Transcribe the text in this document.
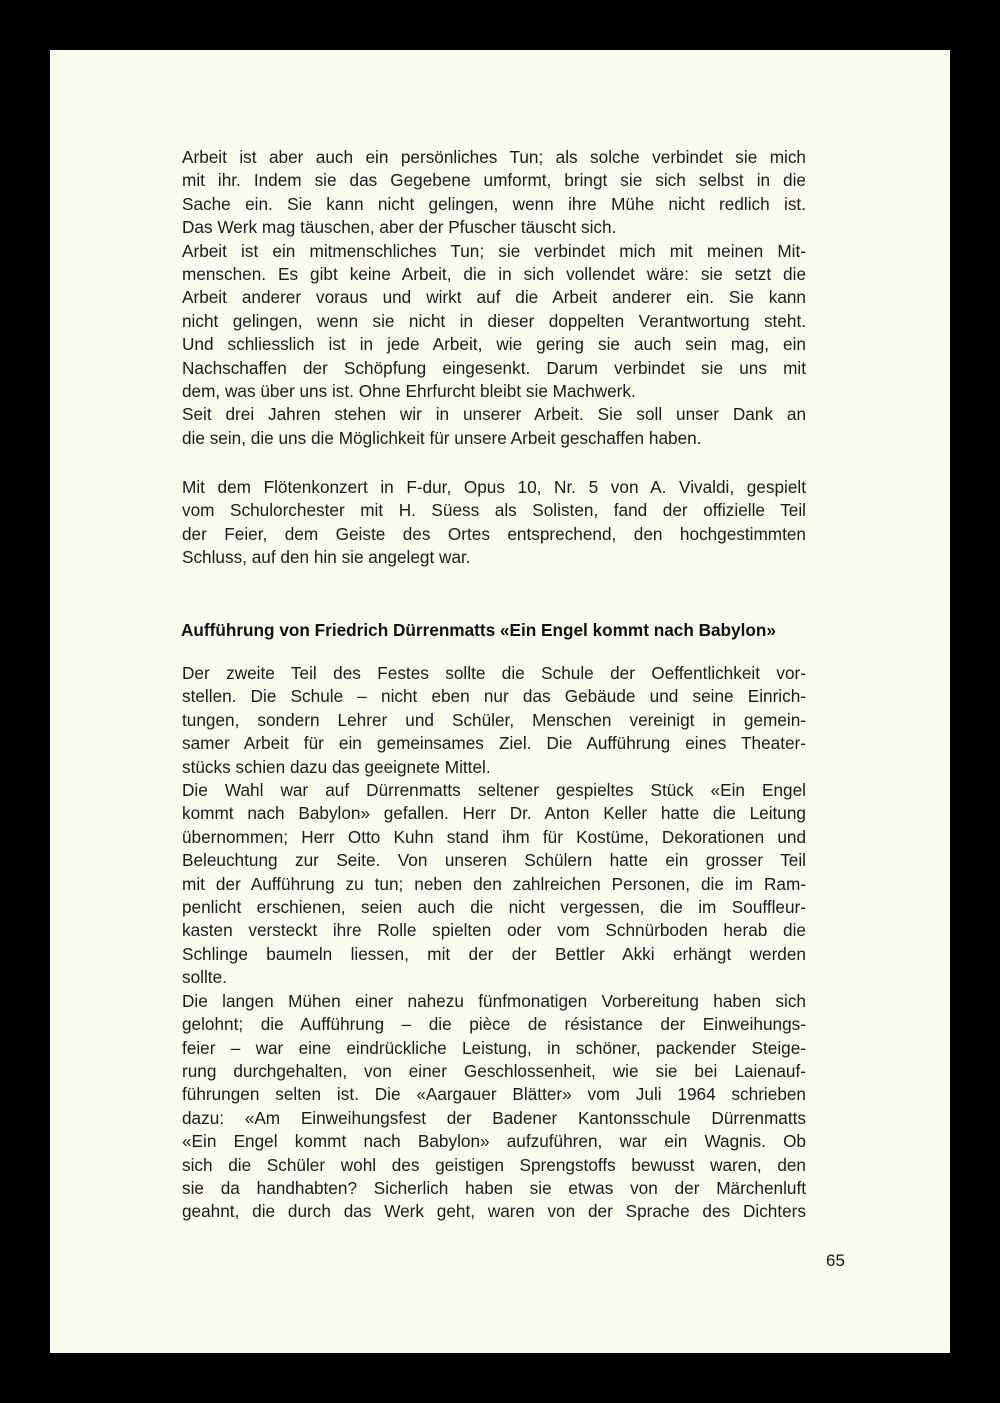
Arbeit ist aber auch ein persönliches Tun; als solche verbindet sie mich
mit ihr. Indem sie das Gegebene umformt, bringt sie sich selbst in die
Sache ein. Sie kann nicht gelingen, wenn ihre Mühe nicht redlich ist.
Das Werk mag täuschen, aber der Pfuscher täuscht sich.
Arbeit ist ein mitmenschliches Tun; sie verbindet mich mit meinen Mit-
menschen. Es gibt keine Arbeit, die in sich vollendet wäre: sie setzt die
Arbeit anderer voraus und wirkt auf die Arbeit anderer ein. Sie kann
nicht gelingen, wenn sie nicht in dieser doppelten Verantwortung steht.
Und schliesslich ist in jede Arbeit, wie gering sie auch sein mag, ein
Nachschaffen der Schöpfung eingesenkt. Darum verbindet sie uns mit
dem, was über uns ist. Ohne Ehrfurcht bleibt sie Machwerk.
Seit drei Jahren stehen wir in unserer Arbeit. Sie soll unser Dank an
die sein, die uns die Möglichkeit für unsere Arbeit geschaffen haben.
Mit dem Flötenkonzert in F-dur, Opus 10, Nr. 5 von A. Vivaldi, gespielt
vom Schulorchester mit H. Süess als Solisten, fand der offizielle Teil
der Feier, dem Geiste des Ortes entsprechend, den hochgestimmten
Schluss, auf den hin sie angelegt war.
Aufführung von Friedrich Dürrenmatts «Ein Engel kommt nach Babylon»
Der zweite Teil des Festes sollte die Schule der Oeffentlichkeit vor-
stellen. Die Schule – nicht eben nur das Gebäude und seine Einrich-
tungen, sondern Lehrer und Schüler, Menschen vereinigt in gemein-
samer Arbeit für ein gemeinsames Ziel. Die Aufführung eines Theater-
stücks schien dazu das geeignete Mittel.
Die Wahl war auf Dürrenmatts seltener gespieltes Stück «Ein Engel
kommt nach Babylon» gefallen. Herr Dr. Anton Keller hatte die Leitung
übernommen; Herr Otto Kuhn stand ihm für Kostüme, Dekorationen und
Beleuchtung zur Seite. Von unseren Schülern hatte ein grosser Teil
mit der Aufführung zu tun; neben den zahlreichen Personen, die im Ram-
penlicht erschienen, seien auch die nicht vergessen, die im Souffleur-
kasten versteckt ihre Rolle spielten oder vom Schnürboden herab die
Schlinge baumeln liessen, mit der der Bettler Akki erhängt werden
sollte.
Die langen Mühen einer nahezu fünfmonatigen Vorbereitung haben sich
gelohnt; die Aufführung – die pièce de résistance der Einweihungs-
feier – war eine eindrückliche Leistung, in schöner, packender Steige-
rung durchgehalten, von einer Geschlossenheit, wie sie bei Laienauf-
führungen selten ist. Die «Aargauer Blätter» vom Juli 1964 schrieben
dazu: «Am Einweihungsfest der Badener Kantonsschule Dürrenmatts
«Ein Engel kommt nach Babylon» aufzuführen, war ein Wagnis. Ob
sich die Schüler wohl des geistigen Sprengstoffs bewusst waren, den
sie da handhabten? Sicherlich haben sie etwas von der Märchenluft
geahnt, die durch das Werk geht, waren von der Sprache des Dichters
65
